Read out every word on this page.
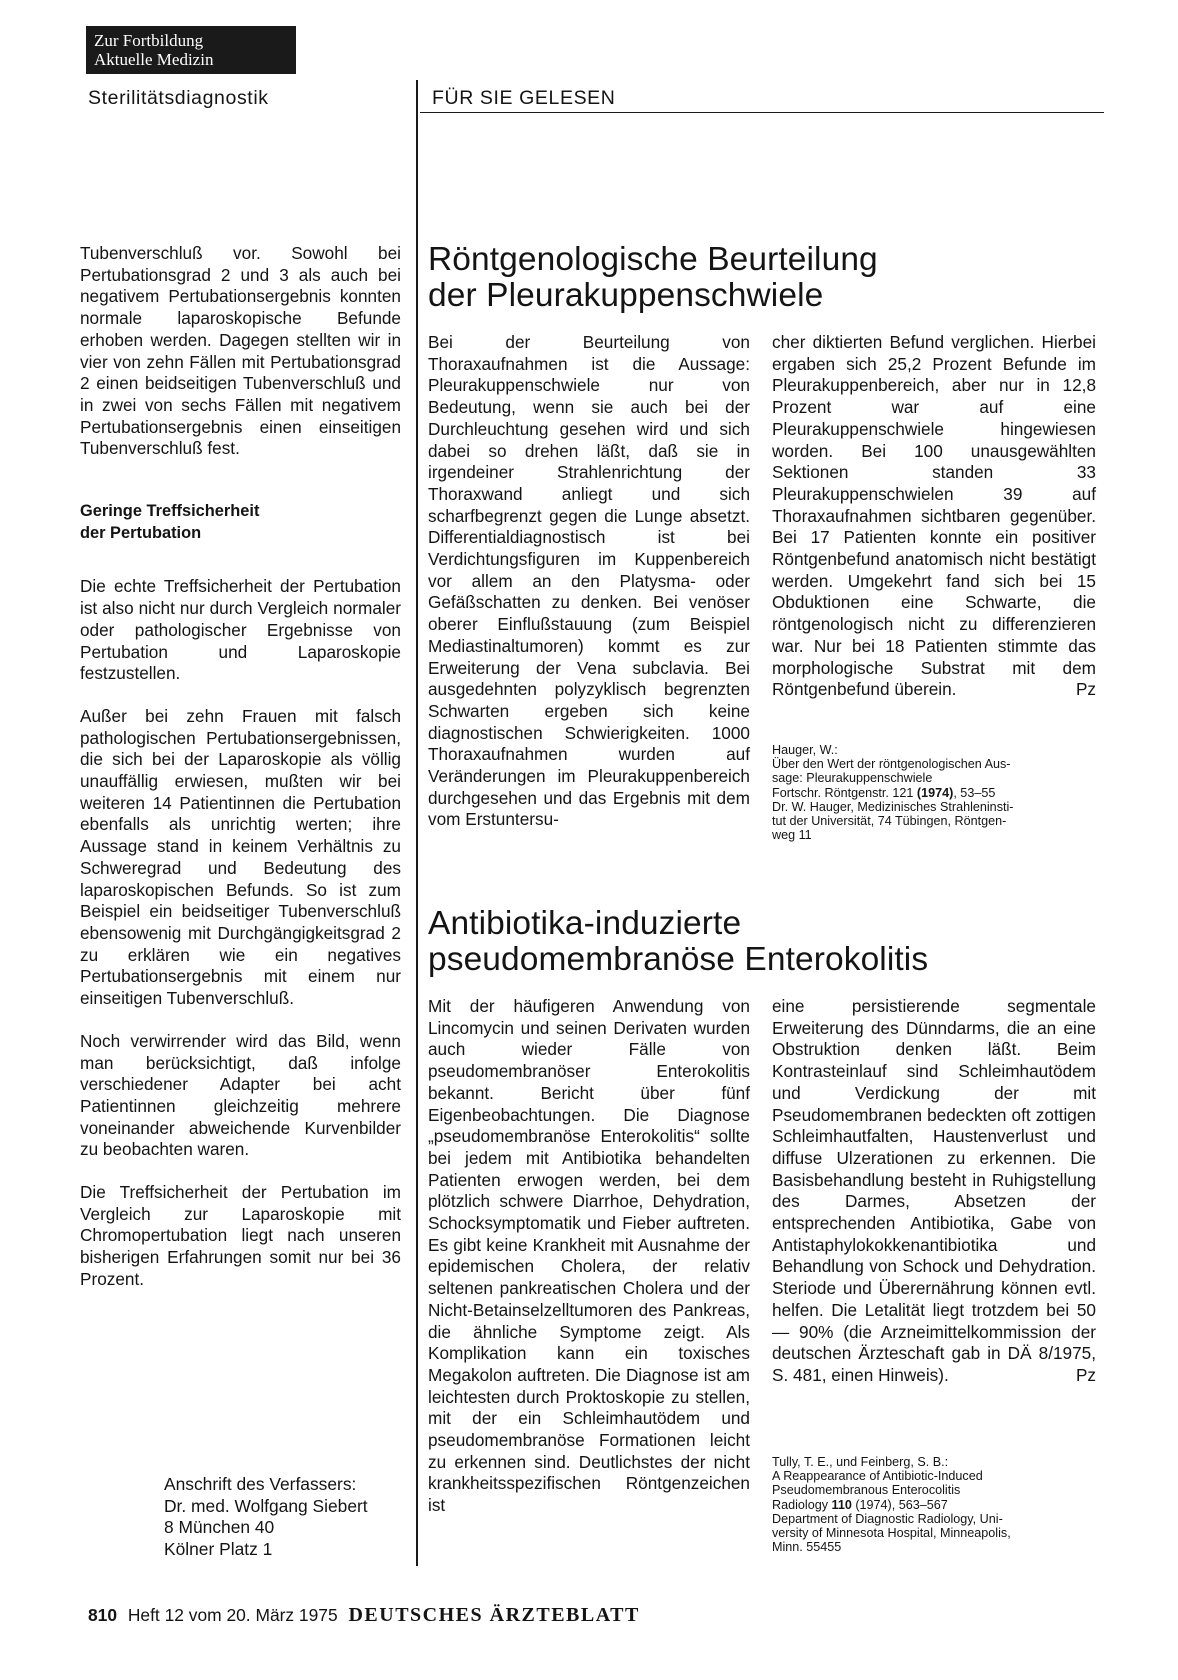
Zur Fortbildung
Aktuelle Medizin
Sterilitätsdiagnostik	FÜR SIE GELESEN

Tubenverschluß vor. Sowohl bei Pertubationsgrad 2 und 3 als auch bei negativem Pertubationsergebnis konnten normale laparoskopische Befunde erhoben werden. Dagegen stellten wir in vier von zehn Fällen mit Pertubationsgrad 2 einen beidseitigen Tubenverschluß und in zwei von sechs Fällen mit negativem Pertubationsergebnis einen einseitigen Tubenverschluß fest.

Geringe Treffsicherheit
der Pertubation

Die echte Treffsicherheit der Pertubation ist also nicht nur durch Vergleich normaler oder pathologischer Ergebnisse von Pertubation und Laparoskopie festzustellen.

Außer bei zehn Frauen mit falsch pathologischen Pertubationsergebnissen, die sich bei der Laparoskopie als völlig unauffällig erwiesen, mußten wir bei weiteren 14 Patientinnen die Pertubation ebenfalls als unrichtig werten; ihre Aussage stand in keinem Verhältnis zu Schweregrad und Bedeutung des laparoskopischen Befunds. So ist zum Beispiel ein beidseitiger Tubenverschluß ebensowenig mit Durchgängigkeitsgrad 2 zu erklären wie ein negatives Pertubationsergebnis mit einem nur einseitigen Tubenverschluß.

Noch verwirrender wird das Bild, wenn man berücksichtigt, daß infolge verschiedener Adapter bei acht Patientinnen gleichzeitig mehrere voneinander abweichende Kurvenbilder zu beobachten waren.

Die Treffsicherheit der Pertubation im Vergleich zur Laparoskopie mit Chromopertubation liegt nach unseren bisherigen Erfahrungen somit nur bei 36 Prozent.

Anschrift des Verfassers:
Dr. med. Wolfgang Siebert
8 München 40
Kölner Platz 1
Röntgenologische Beurteilung
der Pleurakuppenschwiele

Bei der Beurteilung von Thoraxaufnahmen ist die Aussage: Pleurakuppenschwiele nur von Bedeutung, wenn sie auch bei der Durchleuchtung gesehen wird und sich dabei so drehen läßt, daß sie in irgendeiner Strahlenrichtung der Thoraxwand anliegt und sich scharfbegrenzt gegen die Lunge absetzt. Differentialdiagnostisch ist bei Verdichtungsfiguren im Kuppenbereich vor allem an den Platysma- oder Gefäßschatten zu denken. Bei venöser oberer Einflußstauung (zum Beispiel Mediastinaltumoren) kommt es zur Erweiterung der Vena subclavia. Bei ausgedehnten polyzyklisch begrenzten Schwarten ergeben sich keine diagnostischen Schwierigkeiten. 1000 Thoraxaufnahmen wurden auf Veränderungen im Pleurakuppenbereich durchgesehen und das Ergebnis mit dem vom Erstuntersu-

cher diktierten Befund verglichen. Hierbei ergaben sich 25,2 Prozent Befunde im Pleurakuppenbereich, aber nur in 12,8 Prozent war auf eine Pleurakuppenschwiele hingewiesen worden. Bei 100 unausgewählten Sektionen standen 33 Pleurakuppenschwielen 39 auf Thoraxaufnahmen sichtbaren gegenüber. Bei 17 Patienten konnte ein positiver Röntgenbefund anatomisch nicht bestätigt werden. Umgekehrt fand sich bei 15 Obduktionen eine Schwarte, die röntgenologisch nicht zu differenzieren war. Nur bei 18 Patienten stimmte das morphologische Substrat mit dem Röntgenbefund überein.	Pz

Hauger, W.:
Über den Wert der röntgenologischen Aus-
sage: Pleurakuppenschwiele
Fortschr. Röntgenstr. 121 (1974), 53–55
Dr. W. Hauger, Medizinisches Strahleninsti-
tut der Universität, 74 Tübingen, Röntgen-
weg 11
Antibiotika-induzierte
pseudomembranöse Enterokolitis

Mit der häufigeren Anwendung von Lincomycin und seinen Derivaten wurden auch wieder Fälle von pseudomembranöser Enterokolitis bekannt. Bericht über fünf Eigenbeobachtungen. Die Diagnose „pseudomembranöse Enterokolitis“ sollte bei jedem mit Antibiotika behandelten Patienten erwogen werden, bei dem plötzlich schwere Diarrhoe, Dehydration, Schocksymptomatik und Fieber auftreten. Es gibt keine Krankheit mit Ausnahme der epidemischen Cholera, der relativ seltenen pankreatischen Cholera und der Nicht-Betainselzelltumoren des Pankreas, die ähnliche Symptome zeigt. Als Komplikation kann ein toxisches Megakolon auftreten. Die Diagnose ist am leichtesten durch Proktoskopie zu stellen, mit der ein Schleimhautödem und pseudomembranöse Formationen leicht zu erkennen sind. Deutlichstes der nicht krankheitsspezifischen Röntgenzeichen ist

eine persistierende segmentale Erweiterung des Dünndarms, die an eine Obstruktion denken läßt. Beim Kontrasteinlauf sind Schleimhautödem und Verdickung der mit Pseudomembranen bedeckten oft zottigen Schleimhautfalten, Haustenverlust und diffuse Ulzerationen zu erkennen. Die Basisbehandlung besteht in Ruhigstellung des Darmes, Absetzen der entsprechenden Antibiotika, Gabe von Antistaphylokokkenantibiotika und Behandlung von Schock und Dehydration. Steriode und Überernährung können evtl. helfen. Die Letalität liegt trotzdem bei 50 — 90% (die Arzneimittelkommission der deutschen Ärzteschaft gab in DÄ 8/1975, S. 481, einen Hinweis).	Pz

Tully, T. E., und Feinberg, S. B.:
A Reappearance of Antibiotic-Induced
Pseudomembranous Enterocolitis
Radiology 110 (1974), 563–567
Department of Diagnostic Radiology, Uni-
versity of Minnesota Hospital, Minneapolis,
Minn. 55455
810 Heft 12 vom 20. März 1975 DEUTSCHES ÄRZTEBLATT
